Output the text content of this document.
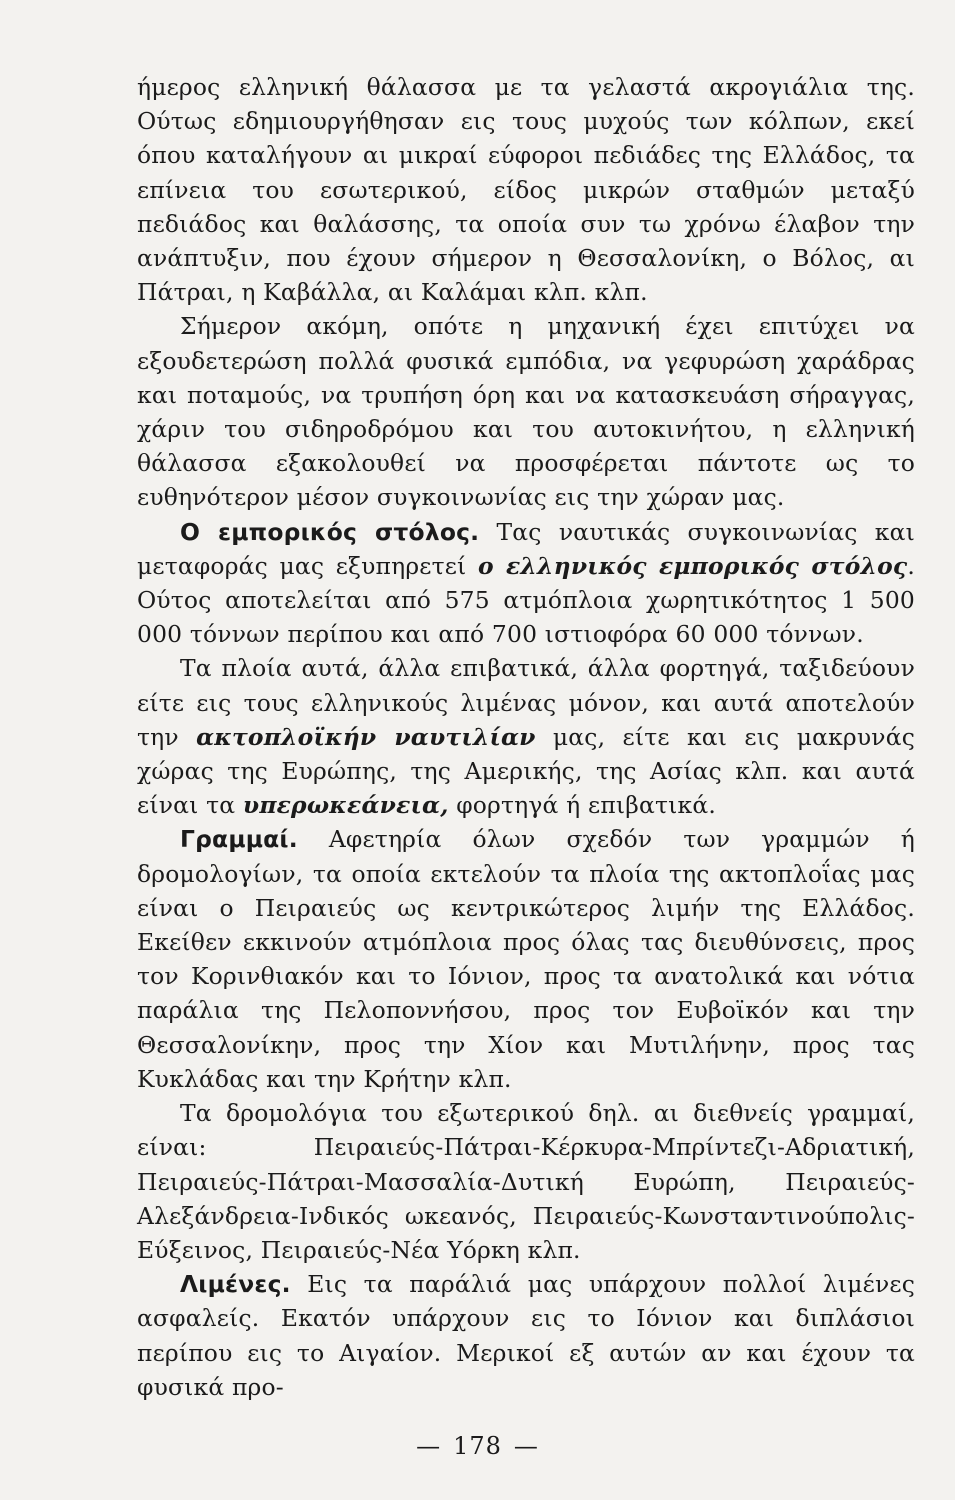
ήμερος ελληνική θάλασσα με τα γελαστά ακρογιάλια της. Ούτως εδημιουργήθησαν εις τους μυχούς των κόλπων, εκεί όπου καταλήγουν αι μικραί εύφοροι πεδιάδες της Ελλάδος, τα επίνεια του εσωτερικού, είδος μικρών σταθμών μεταξύ πεδιάδος και θαλάσσης, τα οποία συν τω χρόνω έλαβον την ανάπτυξιν, που έχουν σήμερον η Θεσσαλονίκη, ο Βόλος, αι Πάτραι, η Καβάλλα, αι Καλάμαι κλπ. κλπ.

Σήμερον ακόμη, οπότε η μηχανική έχει επιτύχει να εξουδετερώση πολλά φυσικά εμπόδια, να γεφυρώση χαράδρας και ποταμούς, να τρυπήση όρη και να κατασκευάση σήραγγας, χάριν του σιδηροδρόμου και του αυτοκινήτου, η ελληνική θάλασσα εξακολουθεί να προσφέρεται πάντοτε ως το ευθηνότερον μέσον συγκοινωνίας εις την χώραν μας.

Ο εμπορικός στόλος. Τας ναυτικάς συγκοινωνίας και μεταφοράς μας εξυπηρετεί ο ελληνικός εμπορικός στόλος. Ούτος αποτελείται από 575 ατμόπλοια χωρητικότητος 1 500 000 τόννων περίπου και από 700 ιστιοφόρα 60 000 τόννων.

Τα πλοία αυτά, άλλα επιβατικά, άλλα φορτηγά, ταξιδεύουν είτε εις τους ελληνικούς λιμένας μόνον, και αυτά αποτελούν την ακτοπλοϊκήν ναυτιλίαν μας, είτε και εις μακρυνάς χώρας της Ευρώπης, της Αμερικής, της Ασίας κλπ. και αυτά είναι τα υπερωκεάνεια, φορτηγά ή επιβατικά.

Γραμμαί. Αφετηρία όλων σχεδόν των γραμμών ή δρομολογίων, τα οποία εκτελούν τα πλοία της ακτοπλοΐας μας είναι ο Πειραιεύς ως κεντρικώτερος λιμήν της Ελλάδος. Εκείθεν εκκινούν ατμόπλοια προς όλας τας διευθύνσεις, προς τον Κορινθιακόν και το Ιόνιον, προς τα ανατολικά και νότια παράλια της Πελοποννήσου, προς τον Ευβοϊκόν και την Θεσσαλονίκην, προς την Χίον και Μυτιλήνην, προς τας Κυκλάδας και την Κρήτην κλπ.

Τα δρομολόγια του εξωτερικού δηλ. αι διεθνείς γραμμαί, είναι: Πειραιεύς-Πάτραι-Κέρκυρα-Μπρίντεζι-Αδριατική, Πειραιεύς-Πάτραι-Μασσαλία-Δυτική Ευρώπη, Πειραιεύς-Αλεξάνδρεια-Ινδικός ωκεανός, Πειραιεύς-Κωνσταντινούπολις-Εύξεινος, Πειραιεύς-Νέα Υόρκη κλπ.

Λιμένες. Εις τα παράλιά μας υπάρχουν πολλοί λιμένες ασφαλείς. Εκατόν υπάρχουν εις το Ιόνιον και διπλάσιοι περίπου εις το Αιγαίον. Μερικοί εξ αυτών αν και έχουν τα φυσικά προ-

— 178 —
